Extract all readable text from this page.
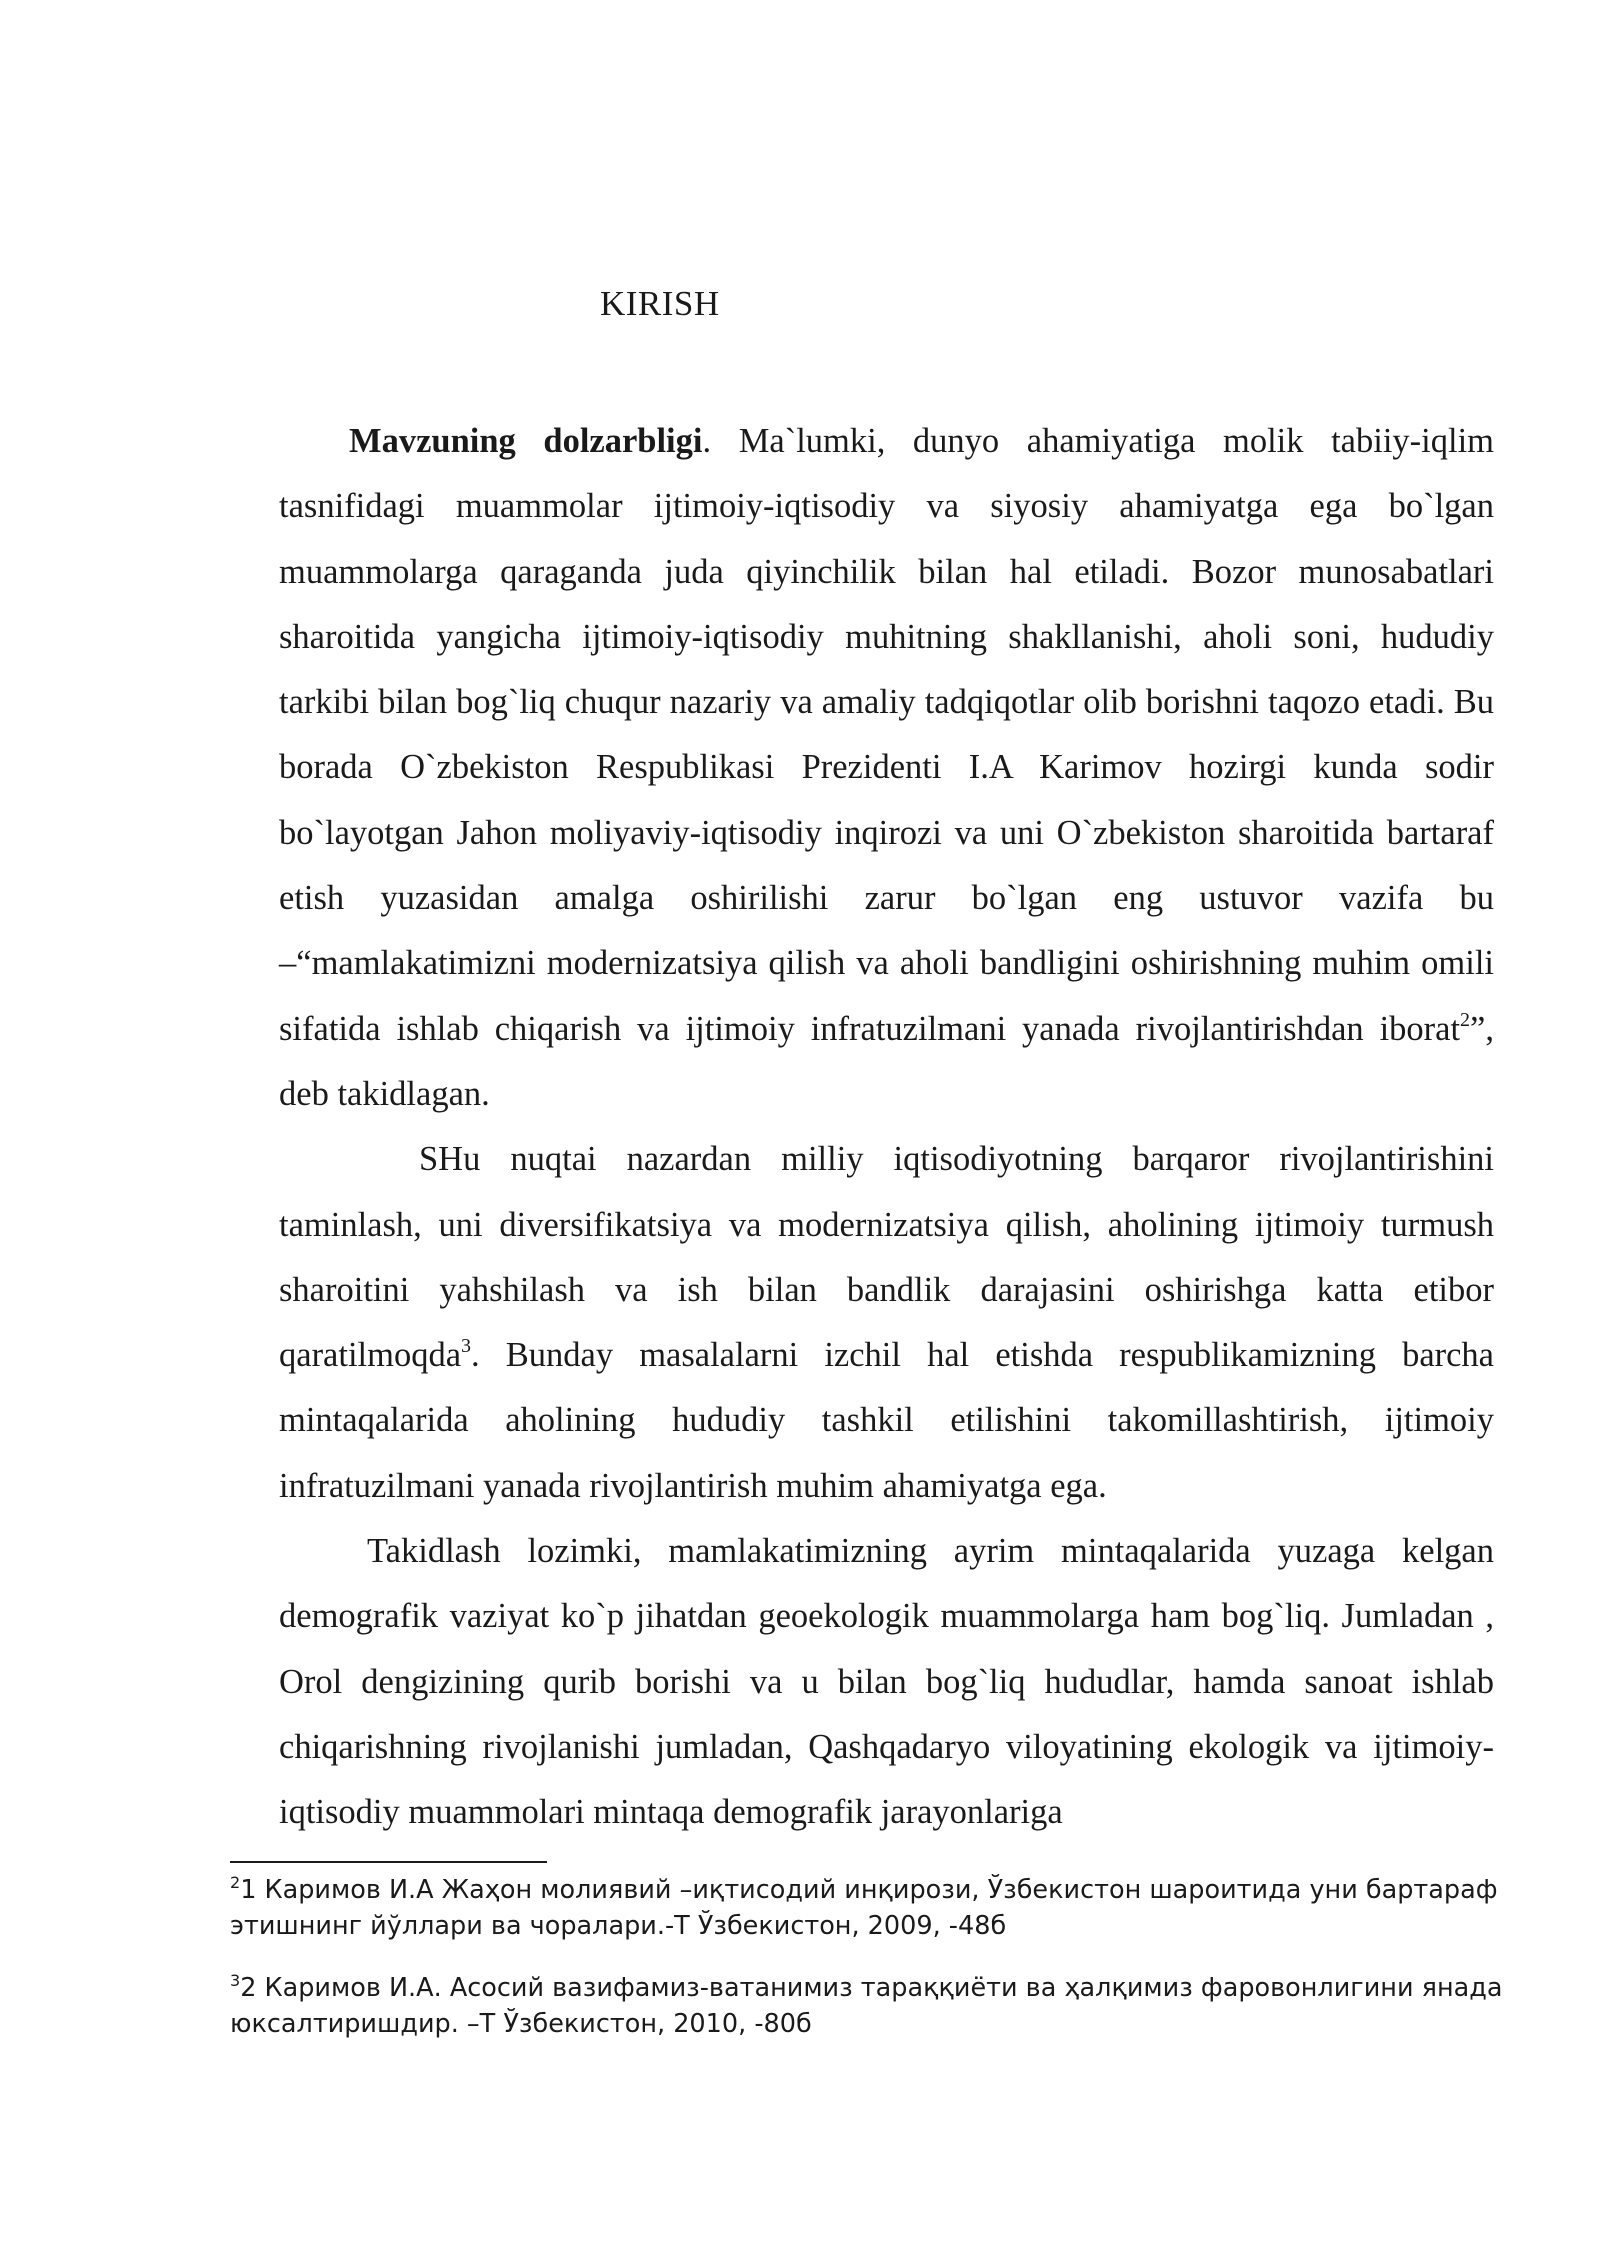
KIRISH

Mavzuning dolzarbligi. Ma`lumki, dunyo ahamiyatiga molik tabiiy-iqlim tasnifidagi muammolar ijtimoiy-iqtisodiy va siyosiy ahamiyatga ega bo`lgan muammolarga qaraganda juda qiyinchilik bilan hal etiladi. Bozor munosabatlari sharoitida yangicha ijtimoiy-iqtisodiy muhitning shakllanishi, aholi soni, hududiy tarkibi bilan bog`liq chuqur nazariy va amaliy tadqiqotlar olib borishni taqozo etadi. Bu borada O`zbekiston Respublikasi Prezidenti I.A Karimov hozirgi kunda sodir bo`layotgan Jahon moliyaviy-iqtisodiy inqirozi va uni O`zbekiston sharoitida bartaraf etish yuzasidan amalga oshirilishi zarur bo`lgan eng ustuvor vazifa bu –“mamlakatimizni modernizatsiya qilish va aholi bandligini oshirishning muhim omili sifatida ishlab chiqarish va ijtimoiy infratuzilmani yanada rivojlantirishdan iborat$^2$”, deb takidlagan.

SHu nuqtai nazardan milliy iqtisodiyotning barqaror rivojlantirishini taminlash, uni diversifikatsiya va modernizatsiya qilish, aholining ijtimoiy turmush sharoitini yahshilash va ish bilan bandlik darajasini oshirishga katta etibor qaratilmoqda$^3$. Bunday masalalarni izchil hal etishda respublikamizning barcha mintaqalarida aholining hududiy tashkil etilishini takomillashtirish, ijtimoiy infratuzilmani yanada rivojlantirish muhim ahamiyatga ega.

Takidlash lozimki, mamlakatimizning ayrim mintaqalarida yuzaga kelgan demografik vaziyat ko`p jihatdan geoekologik muammolarga ham bog`liq. Jumladan , Orol dengizining qurib borishi va u bilan bog`liq hududlar, hamda sanoat ishlab chiqarishning rivojlanishi jumladan, Qashqadaryo viloyatining ekologik va ijtimoiy-iqtisodiy muammolari mintaqa demografik jarayonlariga

$^2$1 Каримов И.А Жаҳон молиявий –иқтисодий инқирози, Ўзбекистон шароитида уни бартараф этишнинг йўллари ва чоралари.-Т Ўзбекистон, 2009, -48б

$^3$2 Каримов И.А. Асосий вазифамиз-ватанимиз тараққиёти ва ҳалқимиз фаровонлигини янада юксалтиришдир. –Т Ўзбекистон, 2010, -80б
